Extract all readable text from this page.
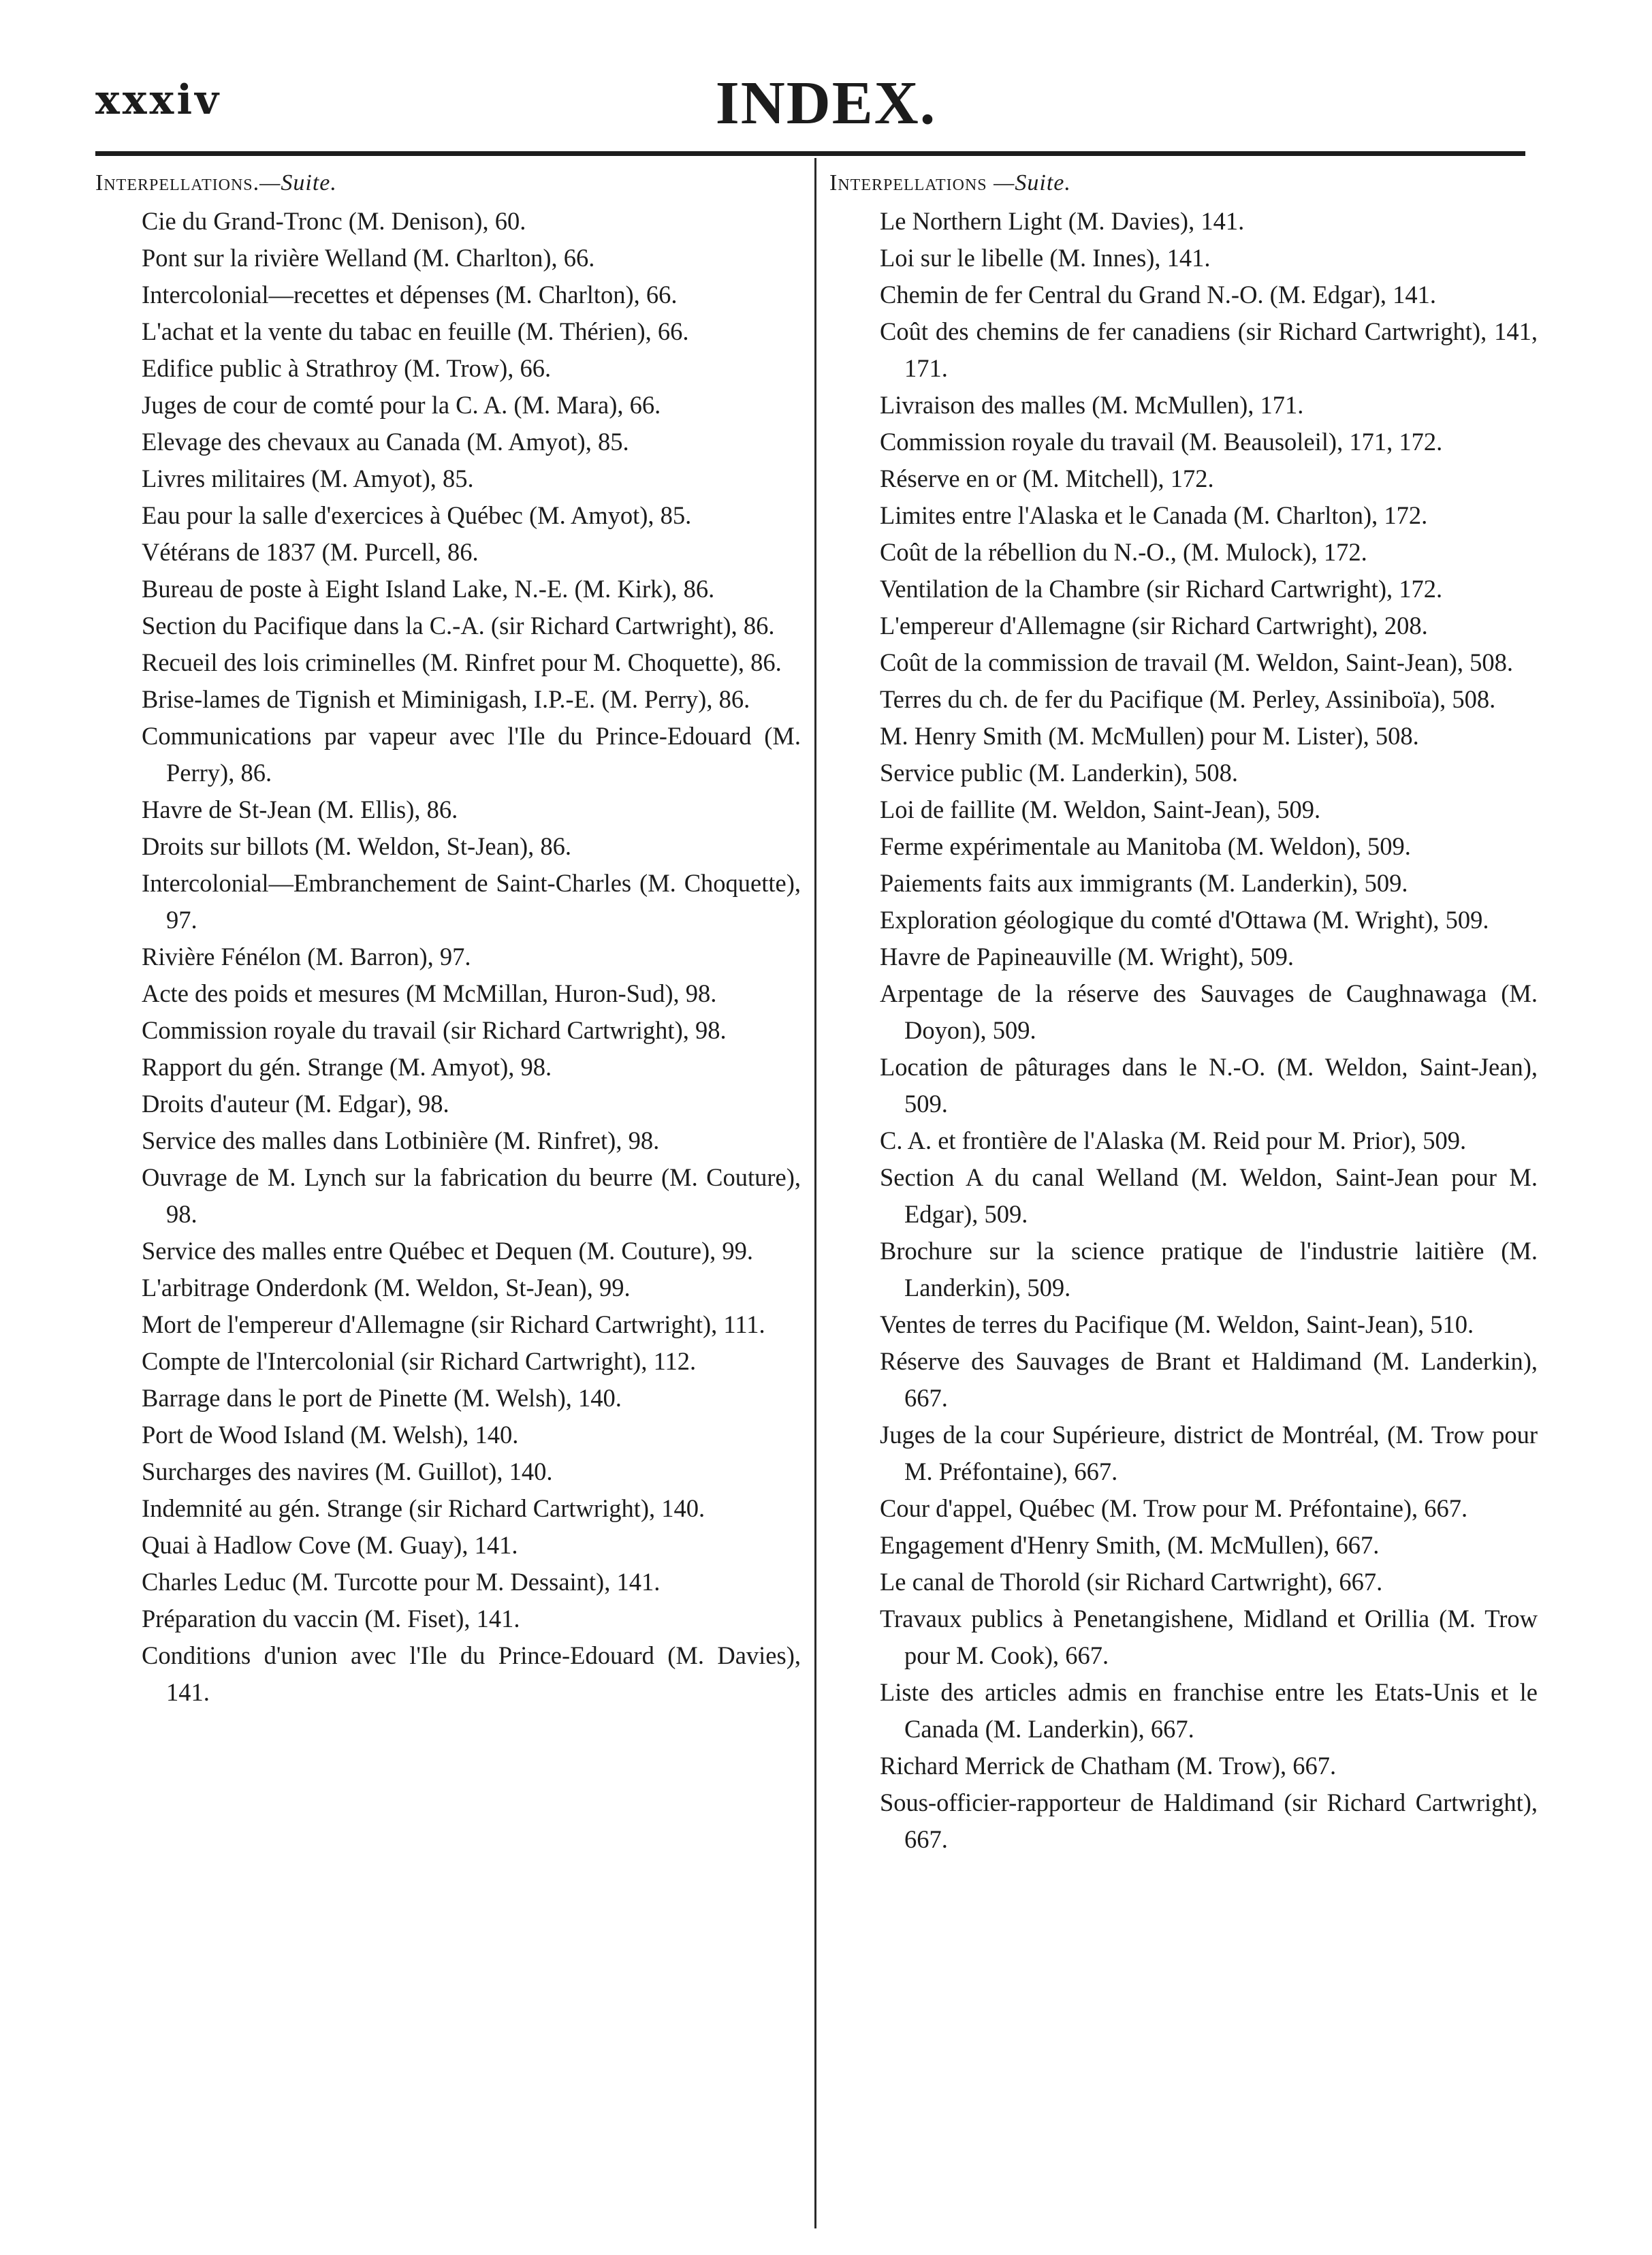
xxxiv	INDEX.
Interpellations.—Suite.
Cie du Grand-Tronc (M. Denison), 60.
Pont sur la rivière Welland (M. Charlton), 66.
Intercolonial—recettes et dépenses (M. Charlton), 66.
L'achat et la vente du tabac en feuille (M. Thérien), 66.
Edifice public à Strathroy (M. Trow), 66.
Juges de cour de comté pour la C. A. (M. Mara), 66.
Elevage des chevaux au Canada (M. Amyot), 85.
Livres militaires (M. Amyot), 85.
Eau pour la salle d'exercices à Québec (M. Amyot), 85.
Vétérans de 1837 (M. Purcell, 86.
Bureau de poste à Eight Island Lake, N.-E. (M. Kirk), 86.
Section du Pacifique dans la C.-A. (sir Richard Cartwright), 86.
Recueil des lois criminelles (M. Rinfret pour M. Choquette), 86.
Brise-lames de Tignish et Miminigash, I.P.-E. (M. Perry), 86.
Communications par vapeur avec l'Ile du Prince-Edouard (M. Perry), 86.
Havre de St-Jean (M. Ellis), 86.
Droits sur billots (M. Weldon, St-Jean), 86.
Intercolonial—Embranchement de Saint-Charles (M. Choquette), 97.
Rivière Fénélon (M. Barron), 97.
Acte des poids et mesures (M McMillan, Huron-Sud), 98.
Commission royale du travail (sir Richard Cartwright), 98.
Rapport du gén. Strange (M. Amyot), 98.
Droits d'auteur (M. Edgar), 98.
Service des malles dans Lotbinière (M. Rinfret), 98.
Ouvrage de M. Lynch sur la fabrication du beurre (M. Couture), 98.
Service des malles entre Québec et Dequen (M. Couture), 99.
L'arbitrage Onderdonk (M. Weldon, St-Jean), 99.
Mort de l'empereur d'Allemagne (sir Richard Cartwright), 111.
Compte de l'Intercolonial (sir Richard Cartwright), 112.
Barrage dans le port de Pinette (M. Welsh), 140.
Port de Wood Island (M. Welsh), 140.
Surcharges des navires (M. Guillot), 140.
Indemnité au gén. Strange (sir Richard Cartwright), 140.
Quai à Hadlow Cove (M. Guay), 141.
Charles Leduc (M. Turcotte pour M. Dessaint), 141.
Préparation du vaccin (M. Fiset), 141.
Conditions d'union avec l'Ile du Prince-Edouard (M. Davies), 141.
Interpellations —Suite.
Le Northern Light (M. Davies), 141.
Loi sur le libelle (M. Innes), 141.
Chemin de fer Central du Grand N.-O. (M. Edgar), 141.
Coût des chemins de fer canadiens (sir Richard Cartwright), 141, 171.
Livraison des malles (M. McMullen), 171.
Commission royale du travail (M. Beausoleil), 171, 172.
Réserve en or (M. Mitchell), 172.
Limites entre l'Alaska et le Canada (M. Charlton), 172.
Coût de la rébellion du N.-O., (M. Mulock), 172.
Ventilation de la Chambre (sir Richard Cartwright), 172.
L'empereur d'Allemagne (sir Richard Cartwright), 208.
Coût de la commission de travail (M. Weldon, Saint-Jean), 508.
Terres du ch. de fer du Pacifique (M. Perley, Assiniboïa), 508.
M. Henry Smith (M. McMullen) pour M. Lister), 508.
Service public (M. Landerkin), 508.
Loi de faillite (M. Weldon, Saint-Jean), 509.
Ferme expérimentale au Manitoba (M. Weldon), 509.
Paiements faits aux immigrants (M. Landerkin), 509.
Exploration géologique du comté d'Ottawa (M. Wright), 509.
Havre de Papineauville (M. Wright), 509.
Arpentage de la réserve des Sauvages de Caughnawaga (M. Doyon), 509.
Location de pâturages dans le N.-O. (M. Weldon, Saint-Jean), 509.
C. A. et frontière de l'Alaska (M. Reid pour M. Prior), 509.
Section A du canal Welland (M. Weldon, Saint-Jean pour M. Edgar), 509.
Brochure sur la science pratique de l'industrie laitière (M. Landerkin), 509.
Ventes de terres du Pacifique (M. Weldon, Saint-Jean), 510.
Réserve des Sauvages de Brant et Haldimand (M. Landerkin), 667.
Juges de la cour Supérieure, district de Montréal, (M. Trow pour M. Préfontaine), 667.
Cour d'appel, Québec (M. Trow pour M. Préfontaine), 667.
Engagement d'Henry Smith, (M. McMullen), 667.
Le canal de Thorold (sir Richard Cartwright), 667.
Travaux publics à Penetangishene, Midland et Orillia (M. Trow pour M. Cook), 667.
Liste des articles admis en franchise entre les Etats-Unis et le Canada (M. Landerkin), 667.
Richard Merrick de Chatham (M. Trow), 667.
Sous-officier-rapporteur de Haldimand (sir Richard Cartwright), 667.
